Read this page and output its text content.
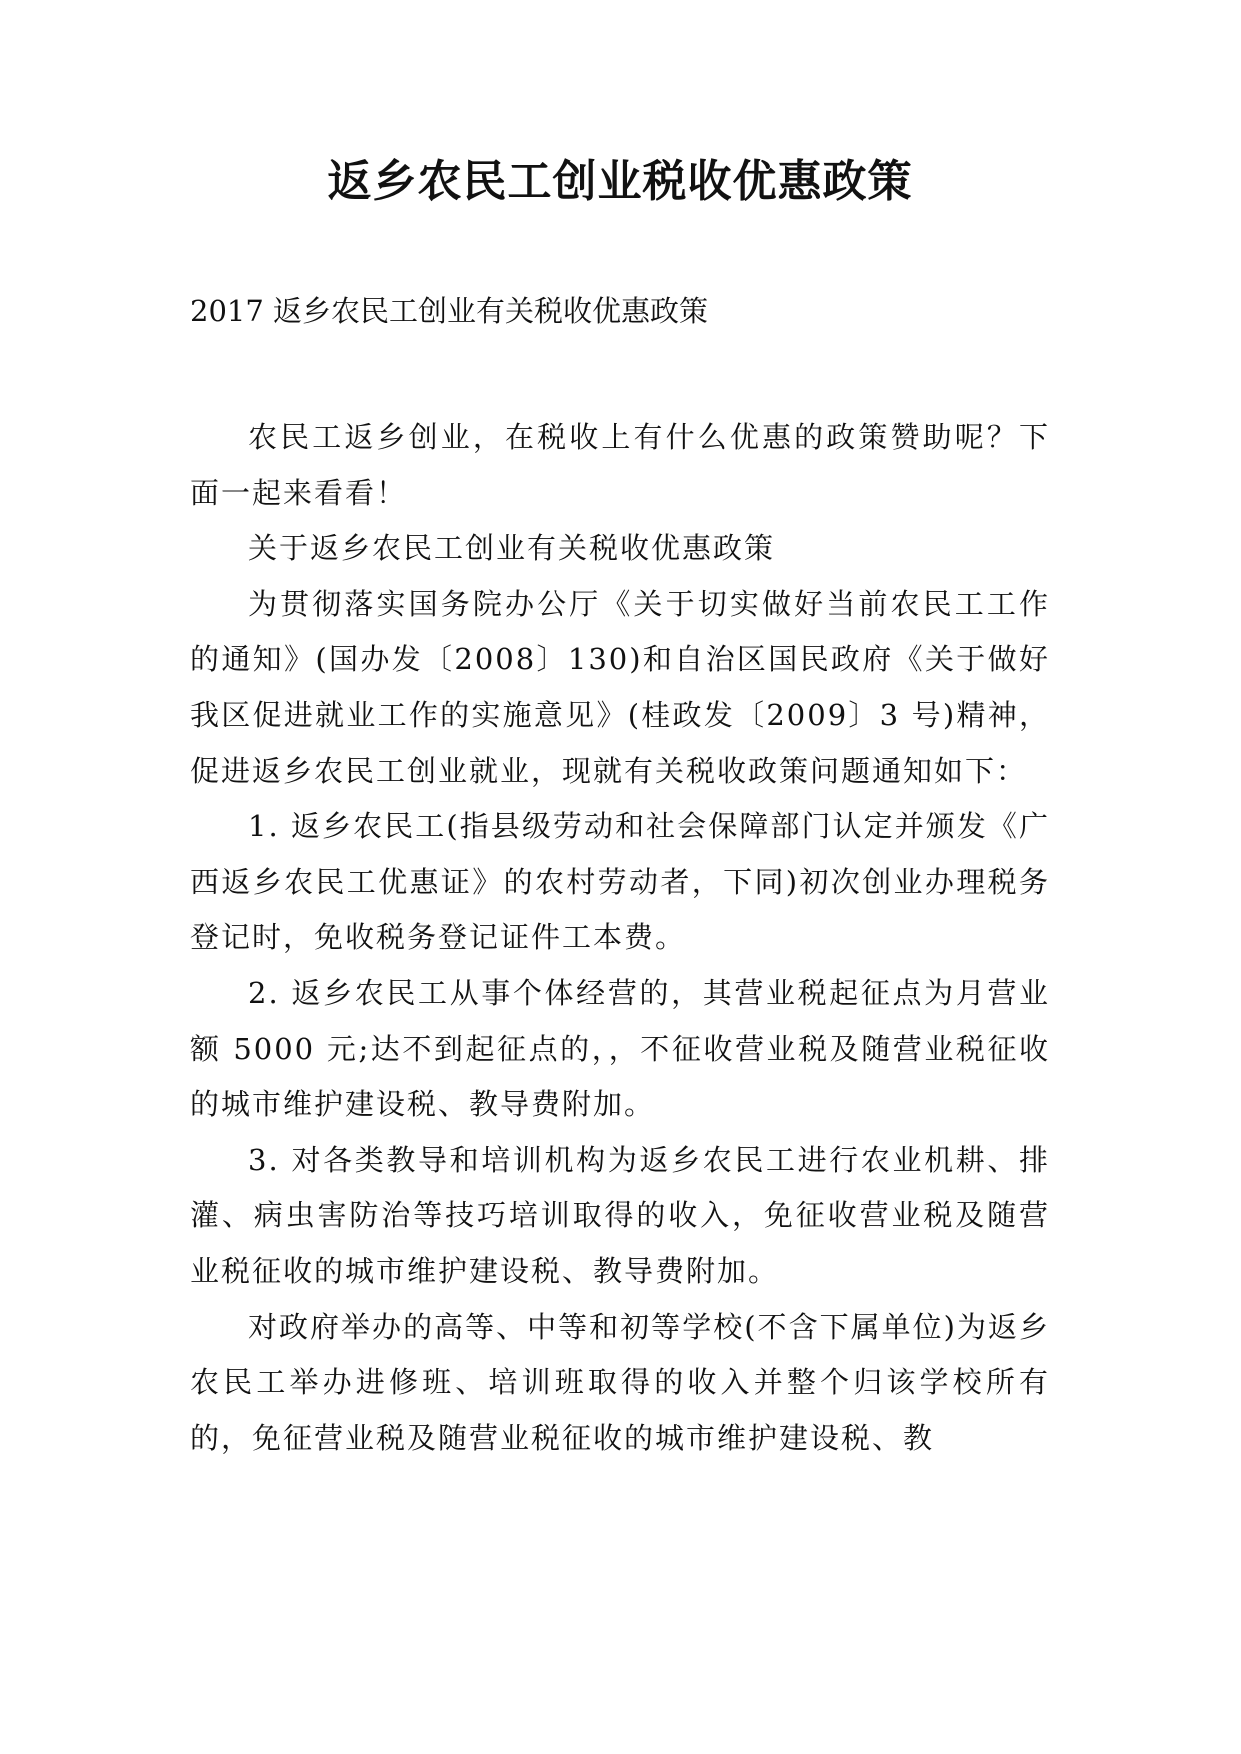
返乡农民工创业税收优惠政策
2017 返乡农民工创业有关税收优惠政策

农民工返乡创业，在税收上有什么优惠的政策赞助呢？下面一起来看看！

关于返乡农民工创业有关税收优惠政策

为贯彻落实国务院办公厅《关于切实做好当前农民工工作的通知》(国办发〔2008〕130)和自治区国民政府《关于做好我区促进就业工作的实施意见》(桂政发〔2009〕3 号)精神，促进返乡农民工创业就业，现就有关税收政策问题通知如下：

1. 返乡农民工(指县级劳动和社会保障部门认定并颁发《广西返乡农民工优惠证》的农村劳动者，下同)初次创业办理税务登记时，免收税务登记证件工本费。

2. 返乡农民工从事个体经营的，其营业税起征点为月营业额 5000 元;达不到起征点的，，不征收营业税及随营业税征收的城市维护建设税、教导费附加。

3. 对各类教导和培训机构为返乡农民工进行农业机耕、排灌、病虫害防治等技巧培训取得的收入，免征收营业税及随营业税征收的城市维护建设税、教导费附加。

对政府举办的高等、中等和初等学校(不含下属单位)为返乡农民工举办进修班、培训班取得的收入并整个归该学校所有的，免征营业税及随营业税征收的城市维护建设税、教
